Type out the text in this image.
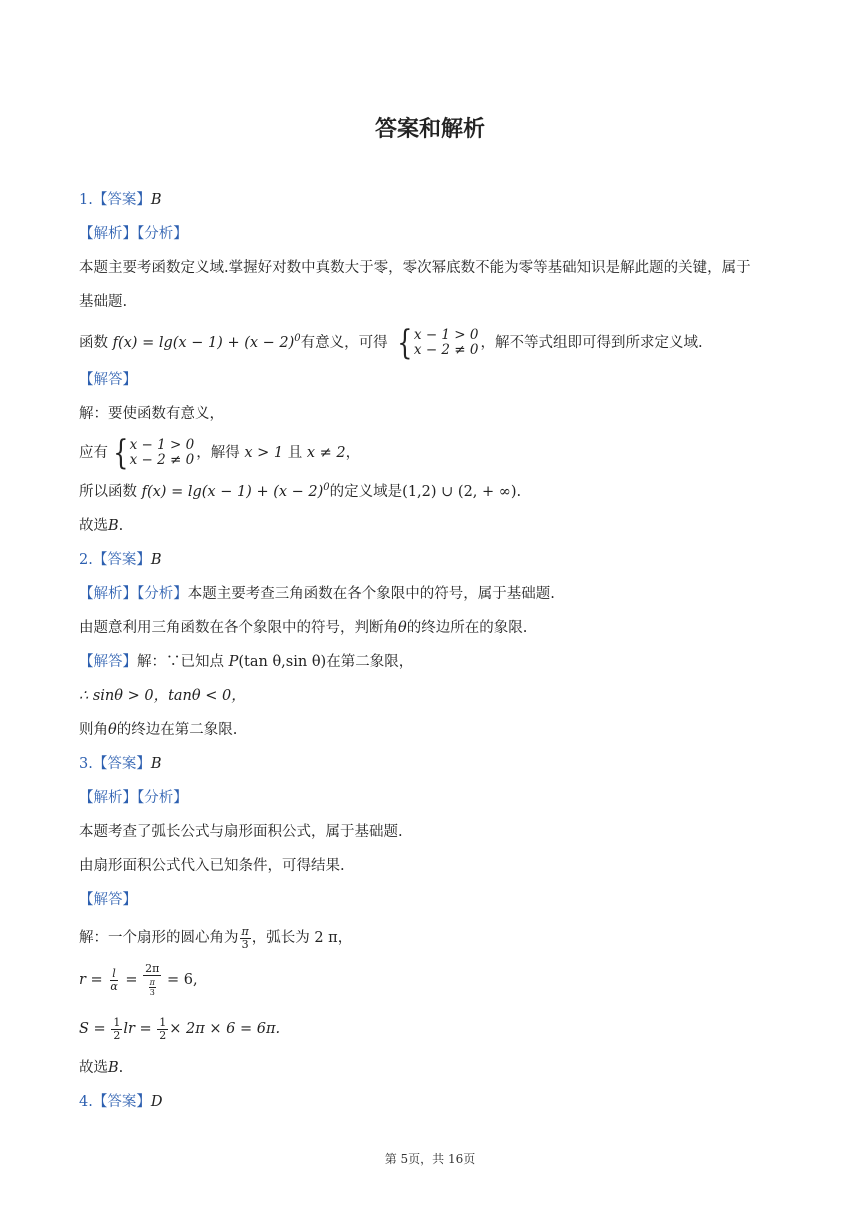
答案和解析
1.【答案】B
【解析】【分析】
本题主要考函数定义域.掌握好对数中真数大于零，零次幂底数不能为零等基础知识是解此题的关键，属于
基础题.
函数 $f(x) = \lg(x - 1) + (x - 2)^0$有意义，可得 { x − 1 > 0
x − 2 ≠ 0 ，解不等式组即可得到所求定义域.
【解答】
解：要使函数有意义，
应有 { x − 1 > 0
x − 2 ≠ 0 ，解得 x > 1 且 x ≠ 2，
所以函数 $f(x) = \lg(x - 1) + (x - 2)^0$的定义域是(1,2) ∪ (2, + ∞).
故选B.
2.【答案】B
【解析】【分析】本题主要考查三角函数在各个象限中的符号，属于基础题.
由题意利用三角函数在各个象限中的符号，判断角θ的终边所在的象限.
【解答】解：∵已知点 P(tan θ,sin θ)在第二象限，
∴ sinθ > 0，tanθ < 0，
则角θ的终边在第二象限.
3.【答案】B
【解析】【分析】
本题考查了弧长公式与扇形面积公式，属于基础题.
由扇形面积公式代入已知条件，可得结果.
【解答】
解：一个扇形的圆心角为 $\frac{\pi}{3}$ ，弧长为 2 π，
$r = \frac{l}{\alpha} = \frac{2\pi}{\frac{\pi}{3}} = 6$,
$S = \frac{1}{2}$ lr = $\frac{1}{2} \times 2\pi \times 6 = 6\pi$.
故选B.
4.【答案】D
第 5页，共 16页
